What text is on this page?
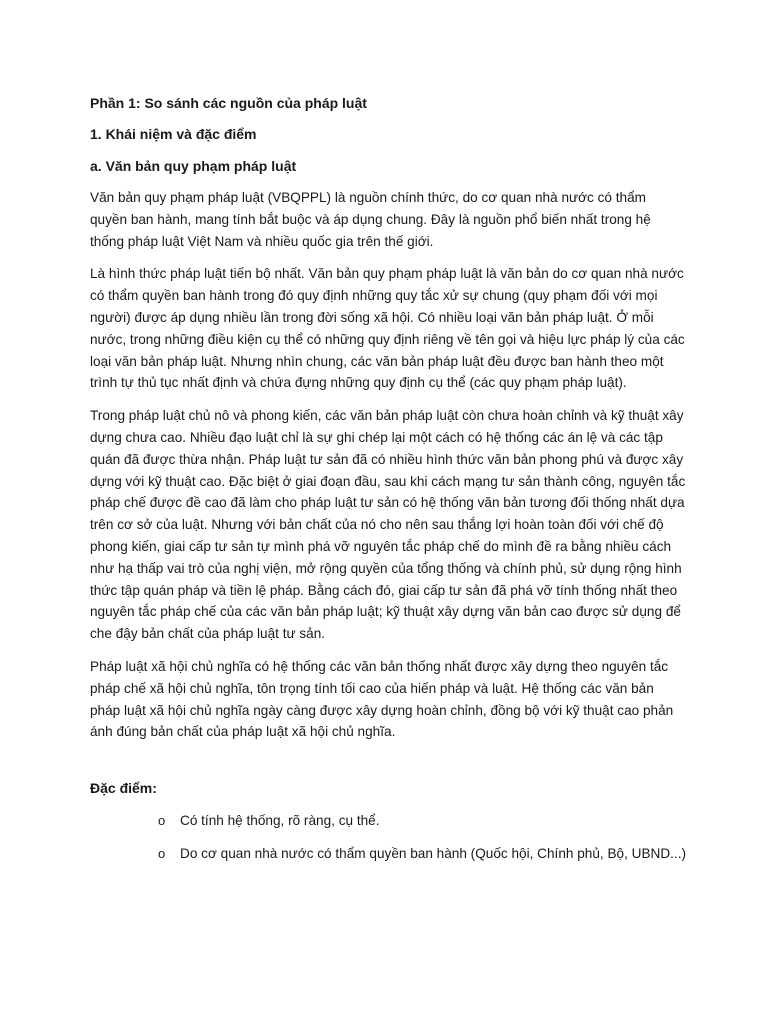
Phần 1: So sánh các nguồn của pháp luật

1. Khái niệm và đặc điểm

a. Văn bản quy phạm pháp luật

Văn bản quy phạm pháp luật (VBQPPL) là nguồn chính thức, do cơ quan nhà nước có thẩm quyền ban hành, mang tính bắt buộc và áp dụng chung. Đây là nguồn phổ biến nhất trong hệ thống pháp luật Việt Nam và nhiều quốc gia trên thế giới.

Là hình thức pháp luật tiến bộ nhất. Văn bản quy phạm pháp luật là văn bản do cơ quan nhà nước có thẩm quyền ban hành trong đó quy định những quy tắc xử sự chung (quy phạm đối với mọi người) được áp dụng nhiều lần trong đời sống xã hội. Có nhiều loại văn bản pháp luật. Ở mỗi nước, trong những điều kiện cụ thể có những quy định riêng về tên gọi và hiệu lực pháp lý của các loại văn bản pháp luật. Nhưng nhìn chung, các văn bản pháp luật đều được ban hành theo một trình tự thủ tục nhất định và chứa đựng những quy định cụ thể (các quy phạm pháp luật).

Trong pháp luật chủ nô và phong kiến, các văn bản pháp luật còn chưa hoàn chỉnh và kỹ thuật xây dựng chưa cao. Nhiều đạo luật chỉ là sự ghi chép lại một cách có hệ thống các án lệ và các tập quán đã được thừa nhận. Pháp luật tư sản đã có nhiều hình thức văn bản phong phú và được xây dựng với kỹ thuật cao. Đặc biệt ở giai đoạn đầu, sau khi cách mạng tư sản thành công, nguyên tắc pháp chế được đề cao đã làm cho pháp luật tư sản có hệ thống văn bản tương đối thống nhất dựa trên cơ sở của luật. Nhưng với bản chất của nó cho nên sau thắng lợi hoàn toàn đối với chế độ phong kiến, giai cấp tư sản tự mình phá vỡ nguyên tắc pháp chế do mình đề ra bằng nhiều cách như hạ thấp vai trò của nghị viện, mở rộng quyền của tổng thống và chính phủ, sử dụng rộng hình thức tập quán pháp và tiền lệ pháp. Bằng cách đó, giai cấp tư sản đã phá vỡ tính thống nhất theo nguyên tắc pháp chế của các văn bản pháp luật; kỹ thuật xây dựng văn bản cao được sử dụng để che đậy bản chất của pháp luật tư sản.

Pháp luật xã hội chủ nghĩa có hệ thống các văn bản thống nhất được xây dựng theo nguyên tắc pháp chế xã hội chủ nghĩa, tôn trọng tính tối cao của hiến pháp và luật. Hệ thống các văn bản pháp luật xã hội chủ nghĩa ngày càng được xây dựng hoàn chỉnh, đồng bộ với kỹ thuật cao phản ánh đúng bản chất của pháp luật xã hội chủ nghĩa.

Đặc điểm:

o Có tính hệ thống, rõ ràng, cụ thể.
o Do cơ quan nhà nước có thẩm quyền ban hành (Quốc hội, Chính phủ, Bộ, UBND...)
